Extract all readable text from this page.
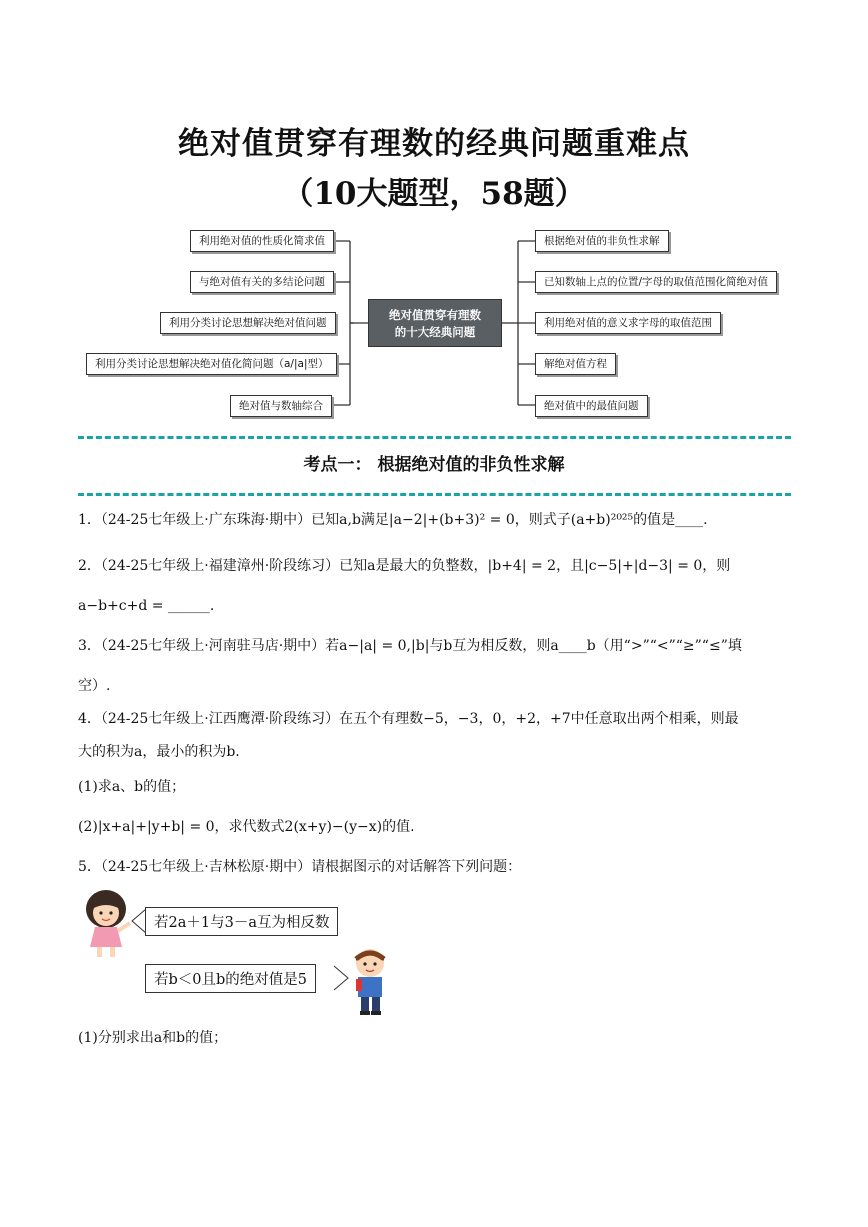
绝对值贯穿有理数的经典问题重难点
（10大题型，58题）
绝对值贯穿有理数
的十大经典问题
利用绝对值的性质化简求值
与绝对值有关的多结论问题
利用分类讨论思想解决绝对值问题
利用分类讨论思想解决绝对值化简问题（a/|a|型）
绝对值与数轴综合
根据绝对值的非负性求解
已知数轴上点的位置/字母的取值范围化简绝对值
利用绝对值的意义求字母的取值范围
解绝对值方程
绝对值中的最值问题
考点一： 根据绝对值的非负性求解
1．（24-25七年级上·广东珠海·期中）已知a,b满足|a−2|+(b+3)² = 0，则式子(a+b)²⁰²⁵的值是____.
2．（24-25七年级上·福建漳州·阶段练习）已知a是最大的负整数，|b+4| = 2，且|c−5|+|d−3| = 0，则
a−b+c+d = ______.
3．（24-25七年级上·河南驻马店·期中）若a−|a| = 0,|b|与b互为相反数，则a____b（用“>”“<”“≥”“≤”填
空）.
4．（24-25七年级上·江西鹰潭·阶段练习）在五个有理数−5，−3，0，+2，+7中任意取出两个相乘，则最
大的积为a，最小的积为b.
(1)求a、b的值；
(2)|x+a|+|y+b| = 0，求代数式2(x+y)−(y−x)的值.
5．（24-25七年级上·吉林松原·期中）请根据图示的对话解答下列问题：
若2a＋1与3－a互为相反数
若b＜0且b的绝对值是5
(1)分别求出a和b的值；
